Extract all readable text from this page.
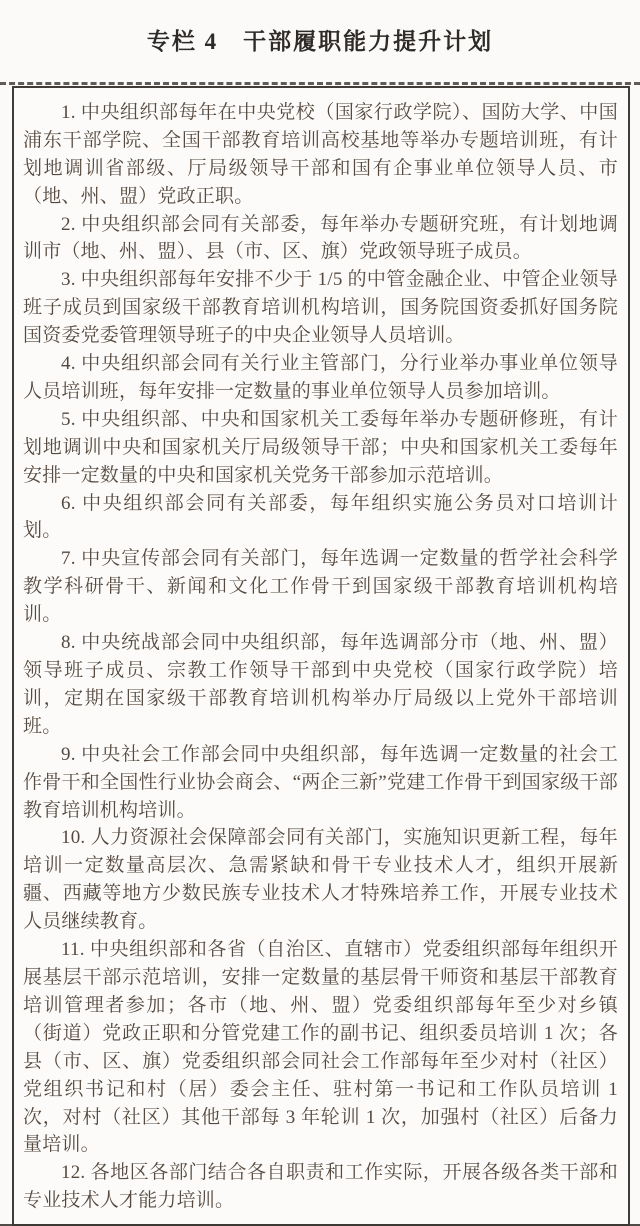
专栏 4　干部履职能力提升计划

1. 中央组织部每年在中央党校（国家行政学院）、国防大学、中国浦东干部学院、全国干部教育培训高校基地等举办专题培训班，有计划地调训省部级、厅局级领导干部和国有企事业单位领导人员、市（地、州、盟）党政正职。

2. 中央组织部会同有关部委，每年举办专题研究班，有计划地调训市（地、州、盟）、县（市、区、旗）党政领导班子成员。

3. 中央组织部每年安排不少于 1/5 的中管金融企业、中管企业领导班子成员到国家级干部教育培训机构培训，国务院国资委抓好国务院国资委党委管理领导班子的中央企业领导人员培训。

4. 中央组织部会同有关行业主管部门，分行业举办事业单位领导人员培训班，每年安排一定数量的事业单位领导人员参加培训。

5. 中央组织部、中央和国家机关工委每年举办专题研修班，有计划地调训中央和国家机关厅局级领导干部；中央和国家机关工委每年安排一定数量的中央和国家机关党务干部参加示范培训。

6. 中央组织部会同有关部委，每年组织实施公务员对口培训计划。

7. 中央宣传部会同有关部门，每年选调一定数量的哲学社会科学教学科研骨干、新闻和文化工作骨干到国家级干部教育培训机构培训。

8. 中央统战部会同中央组织部，每年选调部分市（地、州、盟）领导班子成员、宗教工作领导干部到中央党校（国家行政学院）培训，定期在国家级干部教育培训机构举办厅局级以上党外干部培训班。

9. 中央社会工作部会同中央组织部，每年选调一定数量的社会工作骨干和全国性行业协会商会、“两企三新”党建工作骨干到国家级干部教育培训机构培训。

10. 人力资源社会保障部会同有关部门，实施知识更新工程，每年培训一定数量高层次、急需紧缺和骨干专业技术人才，组织开展新疆、西藏等地方少数民族专业技术人才特殊培养工作，开展专业技术人员继续教育。

11. 中央组织部和各省（自治区、直辖市）党委组织部每年组织开展基层干部示范培训，安排一定数量的基层骨干师资和基层干部教育培训管理者参加；各市（地、州、盟）党委组织部每年至少对乡镇（街道）党政正职和分管党建工作的副书记、组织委员培训 1 次；各县（市、区、旗）党委组织部会同社会工作部每年至少对村（社区）党组织书记和村（居）委会主任、驻村第一书记和工作队员培训 1 次，对村（社区）其他干部每 3 年轮训 1 次，加强村（社区）后备力量培训。

12. 各地区各部门结合各自职责和工作实际，开展各级各类干部和专业技术人才能力培训。
